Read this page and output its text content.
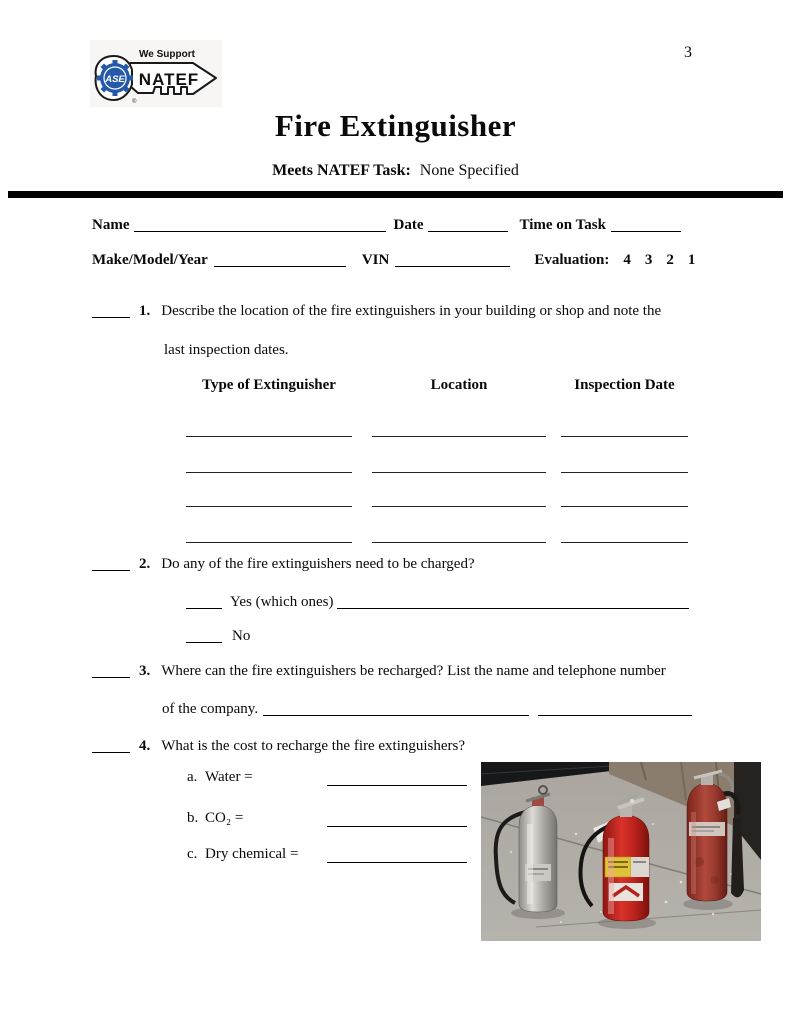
ASE
We Support
NATEF
®
3
Fire Extinguisher
Meets NATEF Task: None Specified
Name	Date	Time on Task
Make/Model/Year	VIN	Evaluation: 4 3 2 1
1. Describe the location of the fire extinguishers in your building or shop and note the
last inspection dates.
Type of Extinguisher	Location	Inspection Date
2. Do any of the fire extinguishers need to be charged?
Yes (which ones)
No
3. Where can the fire extinguishers be recharged? List the name and telephone number
of the company.
4. What is the cost to recharge the fire extinguishers?
a. Water =
b. CO₂ =
c. Dry chemical =
